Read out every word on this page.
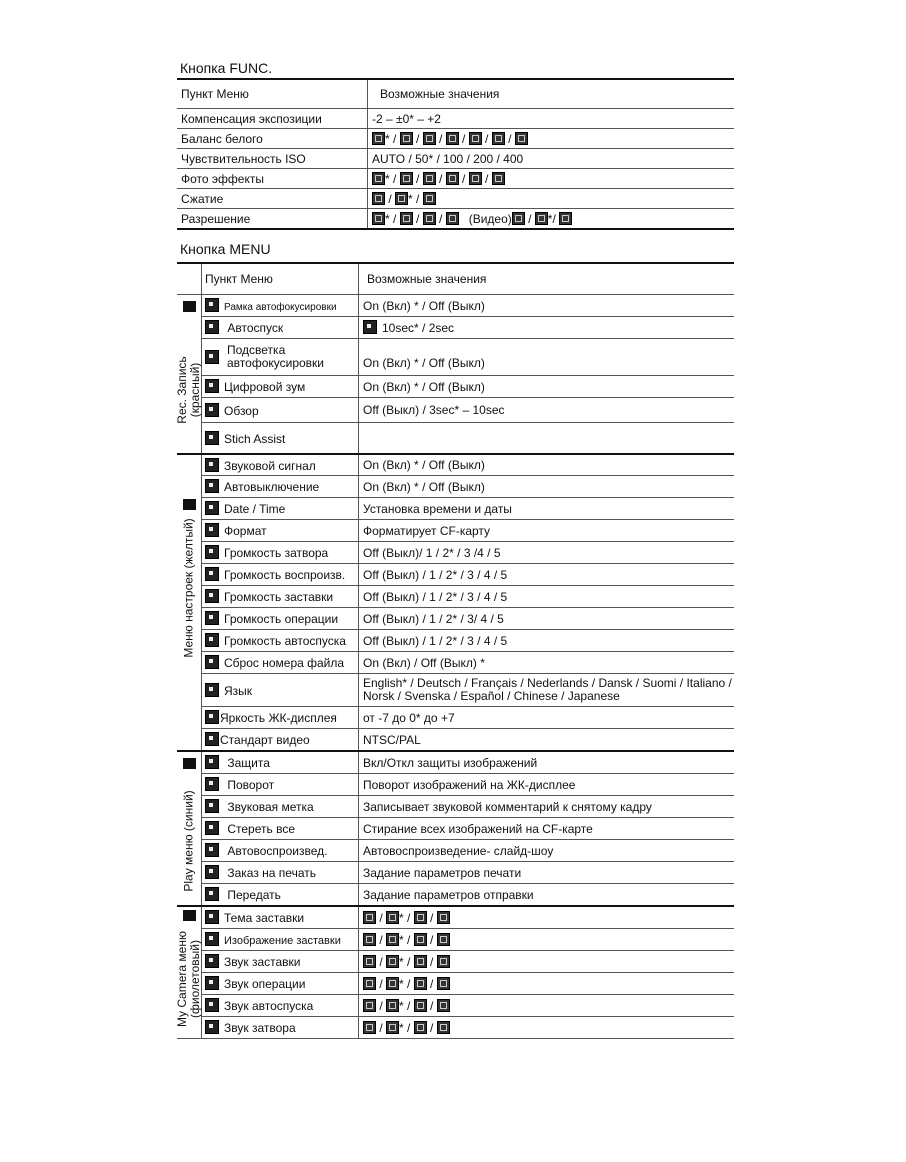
Кнопка FUNC.
Пункт Меню	Возможные значения
Компенсация экспозиции	-2 – ±0* – +2
Баланс белого	* /  /  /  /  /  /
Чувствительность ISO	AUTO / 50* / 100 / 200 / 400
Фото эффекты	* /  /  /  /  /
Сжатие	/ * /
Разрешение	* /  /  /    (Видео) / */
Кнопка MENU
	Пункт Меню	Возможные значения

Rec. Запись (красный)	Рамка автофокусировки	On (Вкл) * / Off (Выкл)
	Автоспуск	10sec* / 2sec

	Подсветка автофокусировки	On (Вкл) * / Off (Выкл)
	Цифровой зум	On (Вкл) * / Off (Выкл)
	Обзор	Off (Выкл) / 3sec* – 10sec
	Stich Assist	

Меню настроек (желтый)	Звуковой сигнал	On (Вкл) * / Off (Выкл)
	Автовыключение	On (Вкл) * / Off (Выкл)
	Date / Time	Установка времени и даты
	Формат	Форматирует CF-карту
	Громкость затвора	Off (Выкл)/ 1 / 2* / 3 /4 / 5
	Громкость воспроизв.	Off (Выкл) / 1 / 2* / 3 / 4 / 5
	Громкость заставки	Off (Выкл) / 1 / 2* / 3 / 4 / 5
	Громкость операции	Off (Выкл) / 1 / 2* / 3/ 4 / 5
	Громкость автоспуска	Off (Выкл) / 1 / 2* / 3 / 4 / 5
	Сброс номера файла	On (Вкл) / Off (Выкл) *
	Язык	English* / Deutsch / Français / Nederlands / Dansk / Suomi / Italiano / Norsk / Svenska / Español / Chinese / Japanese
	Яркость ЖК-дисплея	от -7 до 0* до +7
	Стандарт видео	NTSC/PAL

Play меню (синий)	Защита	Вкл/Откл защиты изображений
	Поворот	Поворот изображений на ЖК-дисплее
	Звуковая метка	Записывает звуковой комментарий к снятому кадру
	Стереть все	Стирание всех изображений на CF-карте
	Автовоспроизвед.	Автовоспроизведение- слайд-шоу
	Заказ на печать	Задание параметров печати
	Передать	Задание параметров отправки

My Camera меню (фиолетовый)	Тема заставки	/ * /  /
	Изображение заставки	/ * /  /
	Звук заставки	/ * /  /
	Звук операции	/ * /  /
	Звук автоспуска	/ * /  /
	Звук затвора	/ * /  /
